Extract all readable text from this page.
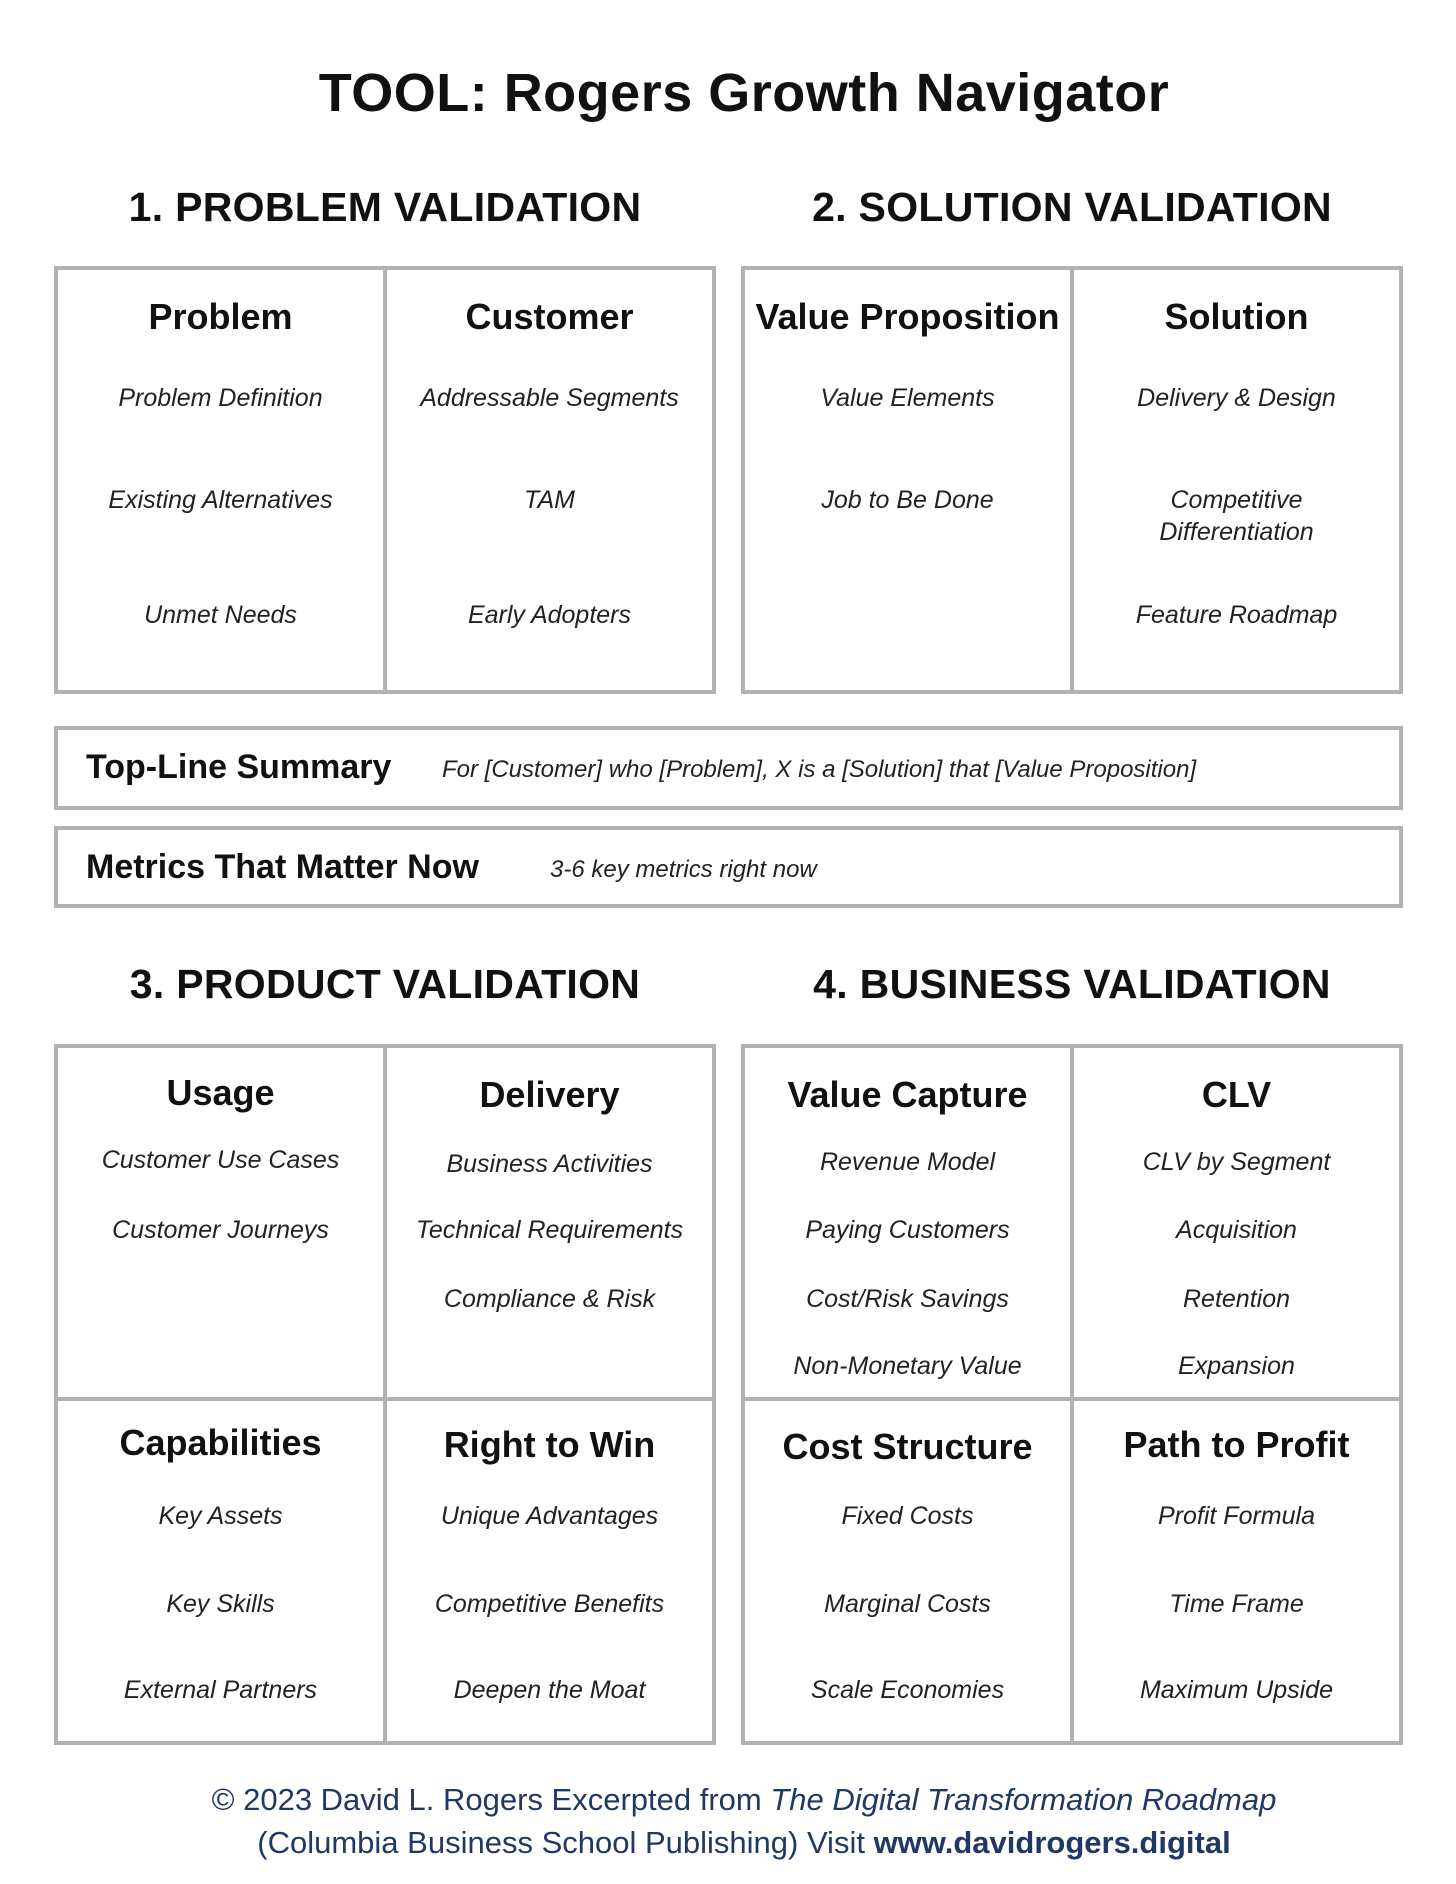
TOOL: Rogers Growth Navigator
1. PROBLEM VALIDATION	2. SOLUTION VALIDATION
Problem
Problem Definition
Existing Alternatives
Unmet Needs
Customer
Addressable Segments
TAM
Early Adopters
Value Proposition
Value Elements
Job to Be Done
Solution
Delivery & Design
Competitive Differentiation
Feature Roadmap
Top-Line Summary For [Customer] who [Problem], X is a [Solution] that [Value Proposition]
Metrics That Matter Now	3-6 key metrics right now
3. PRODUCT VALIDATION	4. BUSINESS VALIDATION
Usage
Customer Use Cases
Customer Journeys
Capabilities
Key Assets
Key Skills
External Partners
Delivery
Business Activities
Technical Requirements
Compliance & Risk
Right to Win
Unique Advantages
Competitive Benefits
Deepen the Moat
Value Capture
Revenue Model
Paying Customers
Cost/Risk Savings
Non-Monetary Value
Cost Structure
Fixed Costs
Marginal Costs
Scale Economies
CLV
CLV by Segment
Acquisition
Retention
Expansion
Path to Profit
Profit Formula
Time Frame
Maximum Upside
© 2023 David L. Rogers Excerpted from The Digital Transformation Roadmap
(Columbia Business School Publishing) Visit www.davidrogers.digital
